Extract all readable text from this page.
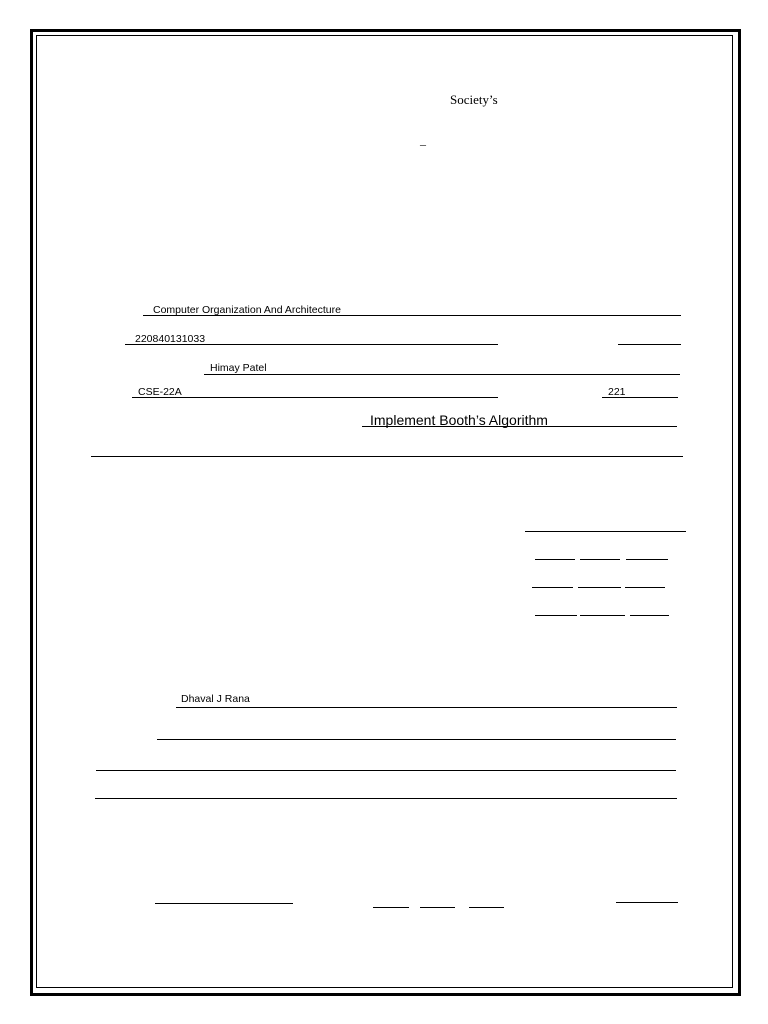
Society’s
–
Computer Organization And Architecture
220840131033
Himay Patel
CSE-22A	221
Implement Booth’s Algorithm
Dhaval J Rana
